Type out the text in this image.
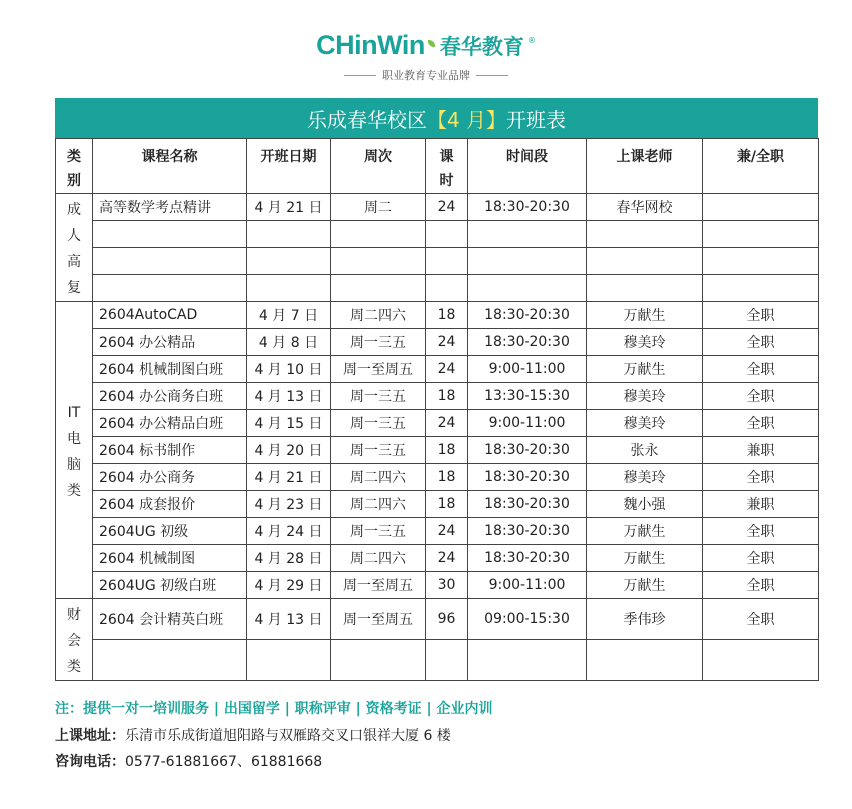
CHinWin 春华教育 ®
职业教育专业品牌
乐成春华校区 【4 月】 开班表
类别	课程名称	开班日期	周次	课时	时间段	上课老师	兼/全职
成人高复	高等数学考点精讲	4 月 21 日	周二	24	18:30-20:30	春华网校	

IT电脑类	2604AutoCAD	4 月 7 日	周二四六	18	18:30-20:30	万献生	全职
	2604 办公精品	4 月 8 日	周一三五	24	18:30-20:30	穆美玲	全职
	2604 机械制图白班	4 月 10 日	周一至周五	24	9:00-11:00	万献生	全职
	2604 办公商务白班	4 月 13 日	周一三五	18	13:30-15:30	穆美玲	全职
	2604 办公精品白班	4 月 15 日	周一三五	24	9:00-11:00	穆美玲	全职
	2604 标书制作	4 月 20 日	周一三五	18	18:30-20:30	张永	兼职
	2604 办公商务	4 月 21 日	周二四六	18	18:30-20:30	穆美玲	全职
	2604 成套报价	4 月 23 日	周二四六	18	18:30-20:30	魏小强	兼职
	2604UG 初级	4 月 24 日	周一三五	24	18:30-20:30	万献生	全职
	2604 机械制图	4 月 28 日	周二四六	24	18:30-20:30	万献生	全职
	2604UG 初级白班	4 月 29 日	周一至周五	30	9:00-11:00	万献生	全职
财会类	2604 会计精英白班	4 月 13 日	周一至周五	96	09:00-15:30	季伟珍	全职

注：提供一对一培训服务 | 出国留学 | 职称评审 | 资格考证 | 企业内训
上课地址：乐清市乐成街道旭阳路与双雁路交叉口银祥大厦 6 楼
咨询电话：0577-61881667、61881668
